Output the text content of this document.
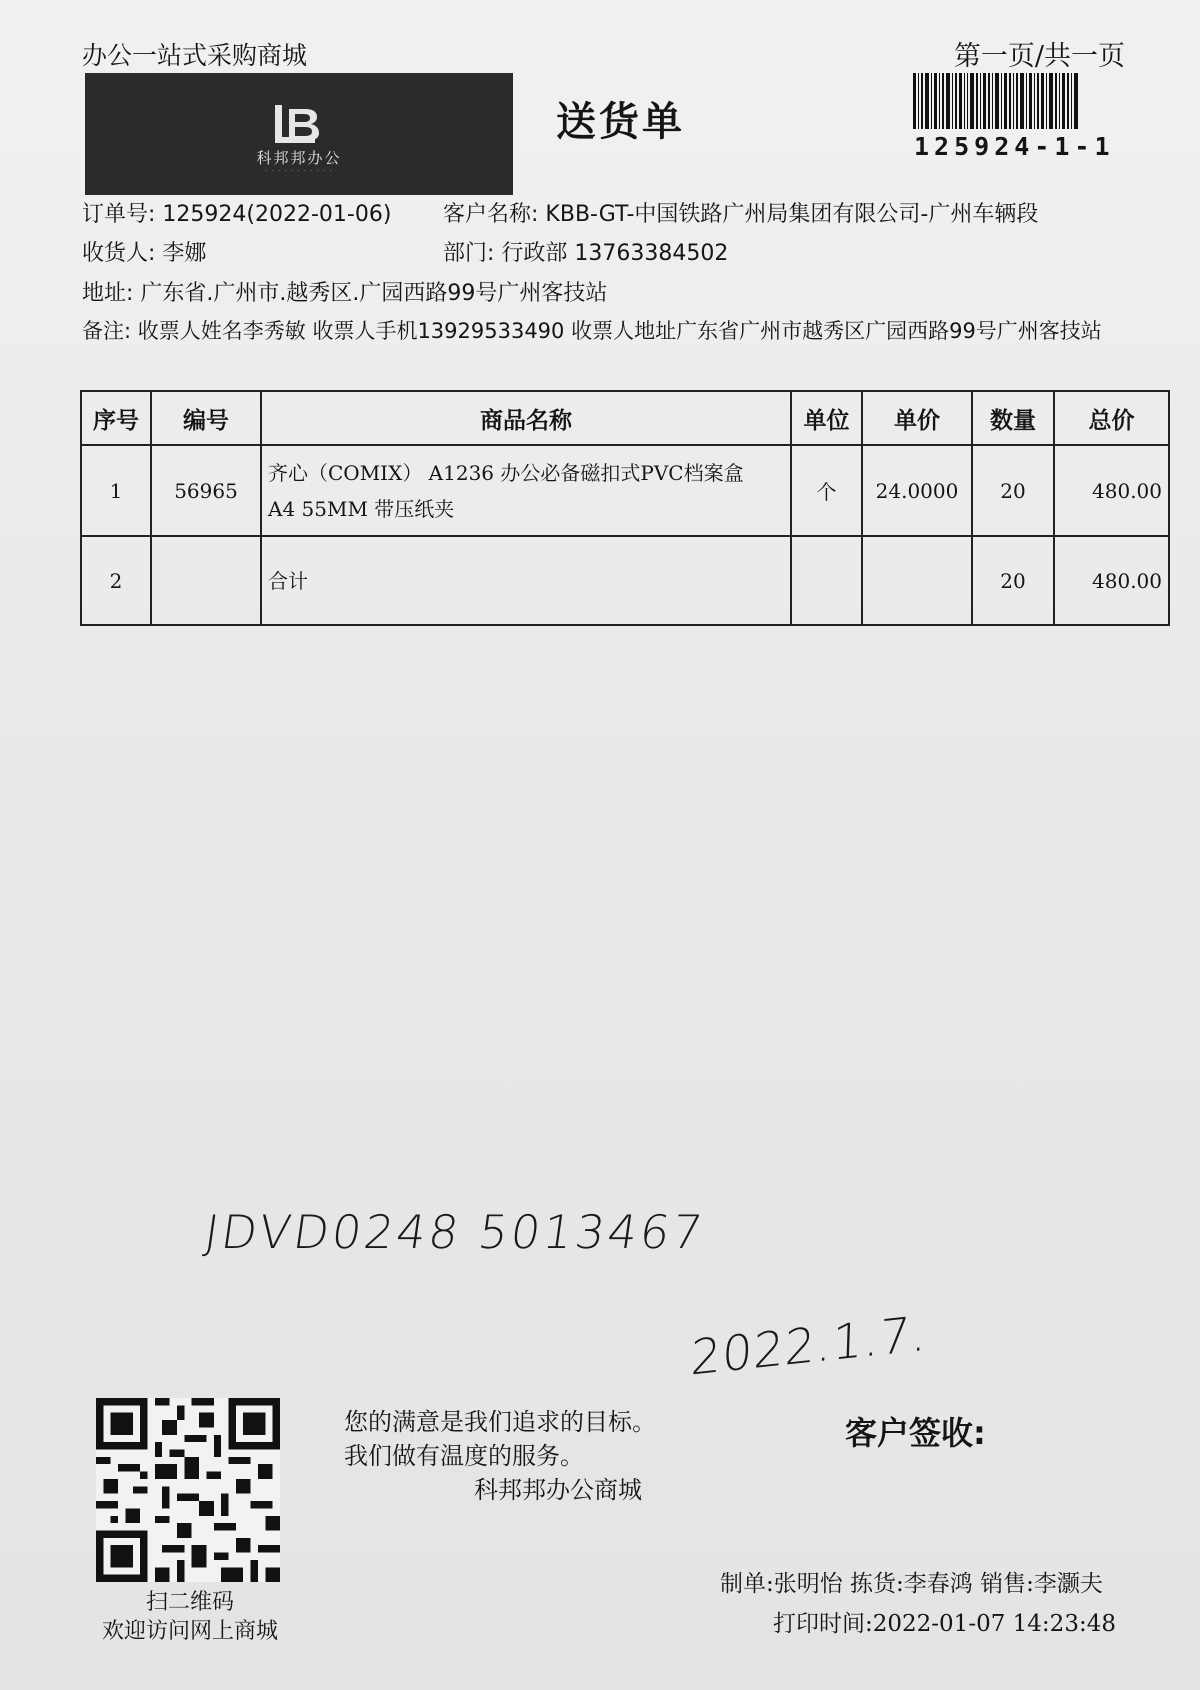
办公一站式采购商城	第一页/共一页
科邦邦办公
· · · · · · · · · · ·
送货单
125924-1-1
订单号: 125924(2022-01-06) 客户名称: KBB-GT-中国铁路广州局集团有限公司-广州车辆段
收货人: 李娜	部门: 行政部 13763384502
地址: 广东省.广州市.越秀区.广园西路99号广州客技站
备注: 收票人姓名李秀敏 收票人手机13929533490 收票人地址广东省广州市越秀区广园西路99号广州客技站
序号	编号	商品名称	单位	单价	数量	总价
1	56965	齐心（COMIX） A1236 办公必备磁扣式PVC档案盒
A4 55MM 带压纸夹	个	24.0000	20	480.00
2		合计			20	480.00
JDVD0248 5013467
2022.1.7.
扫二维码
欢迎访问网上商城
您的满意是我们追求的目标。
我们做有温度的服务。
科邦邦办公商城
客户签收:
制单:张明怡 拣货:李春鸿 销售:李灏夫
打印时间:2022-01-07 14:23:48
